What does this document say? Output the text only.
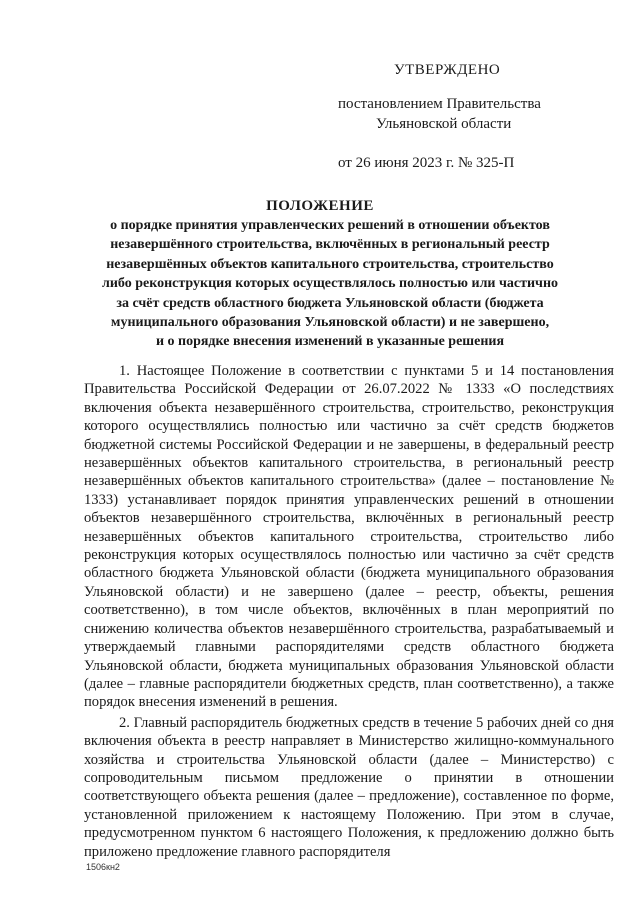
УТВЕРЖДЕНО
постановлением Правительства
Ульяновской области
от 26 июня 2023 г. № 325-П
ПОЛОЖЕНИЕ
о порядке принятия управленческих решений в отношении объектов
незавершённого строительства, включённых в региональный реестр
незавершённых объектов капитального строительства, строительство
либо реконструкция которых осуществлялось полностью или частично
за счёт средств областного бюджета Ульяновской области (бюджета
муниципального образования Ульяновской области) и не завершено,
и о порядке внесения изменений в указанные решения

1. Настоящее Положение в соответствии с пунктами 5 и 14 постановления Правительства Российской Федерации от 26.07.2022 № 1333 «О последствиях включения объекта незавершённого строительства, строительство, реконструкция которого осуществлялись полностью или частично за счёт средств бюджетов бюджетной системы Российской Федерации и не завершены, в федеральный реестр незавершённых объектов капитального строительства, в региональный реестр незавершённых объектов капитального строительства» (далее – постановление № 1333) устанавливает порядок принятия управленческих решений в отношении объектов незавершённого строительства, включённых в региональный реестр незавершённых объектов капитального строительства, строительство либо реконструкция которых осуществлялось полностью или частично за счёт средств областного бюджета Ульяновской области (бюджета муниципального образования Ульяновской области) и не завершено (далее – реестр, объекты, решения соответственно), в том числе объектов, включённых в план мероприятий по снижению количества объектов незавершённого строительства, разрабатываемый и утверждаемый главными распорядителями средств областного бюджета Ульяновской области, бюджета муниципальных образования Ульяновской области (далее – главные распорядители бюджетных средств, план соответственно), а также порядок внесения изменений в решения.

2. Главный распорядитель бюджетных средств в течение 5 рабочих дней со дня включения объекта в реестр направляет в Министерство жилищно-коммунального хозяйства и строительства Ульяновской области (далее – Министерство) с сопроводительным письмом предложение о принятии в отношении соответствующего объекта решения (далее – предложение), составленное по форме, установленной приложением к настоящему Положению. При этом в случае, предусмотренном пунктом 6 настоящего Положения, к предложению должно быть приложено предложение главного распорядителя

1506кн2
